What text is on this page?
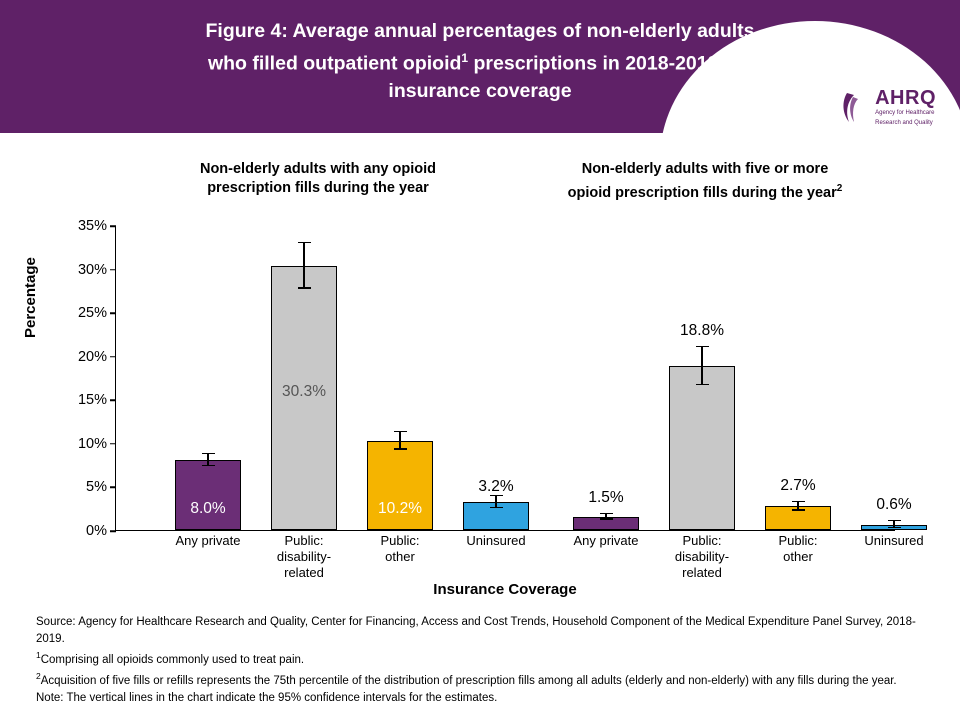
Figure 4: Average annual percentages of non-elderly adults
who filled outpatient opioid$^1$ prescriptions in 2018-2019, by
insurance coverage	AHRQ
Agency for Healthcare
Research and Quality
Non-elderly adults with any opioid
prescription fills during the year
Non-elderly adults with five or more
opioid prescription fills during the year$^2$
Percentage
0%
5%
10%
15%
20%
25%
30%
35%
8.0%
Any private
30.3%
Public:
disability-
related
10.2%
Public:
other
3.2%
Uninsured
1.5%
Any private
18.8%
Public:
disability-
related
2.7%
Public:
other
0.6%
Uninsured
Insurance Coverage

Source: Agency for Healthcare Research and Quality, Center for Financing, Access and Cost Trends, Household Component of the Medical Expenditure Panel Survey, 2018-2019.

$^1$Comprising all opioids commonly used to treat pain.

$^2$Acquisition of five fills or refills represents the 75th percentile of the distribution of prescription fills among all adults (elderly and non-elderly) with any fills during the year.

Note: The vertical lines in the chart indicate the 95% confidence intervals for the estimates.
